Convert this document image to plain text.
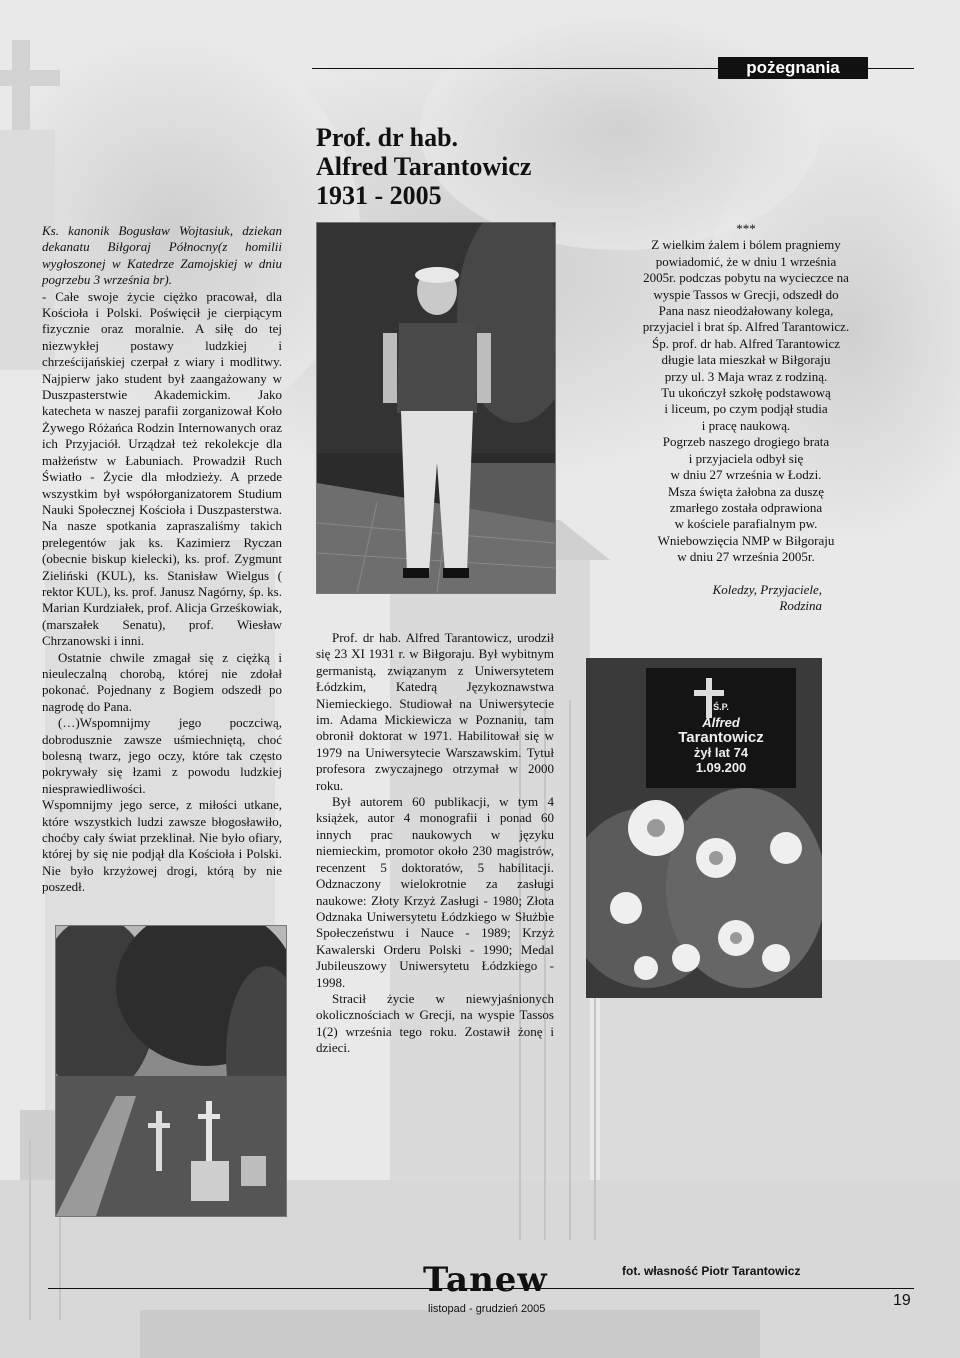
pożegnania
Prof. dr hab.
Alfred Tarantowicz
1931 - 2005

Ks. kanonik Bogusław Wojtasiuk, dziekan dekanatu Biłgoraj Północny(z homilii wygłoszonej w Katedrze Zamojskiej w dniu pogrzebu 3 września br).

- Całe swoje życie ciężko pracował, dla Kościoła i Polski. Poświęcił je cierpiącym fizycznie oraz moralnie. A siłę do tej niezwykłej postawy ludzkiej i chrześcijańskiej czerpał z wiary i modlitwy. Najpierw jako student był zaangażowany w Duszpasterstwie Akademickim. Jako katecheta w naszej parafii zorganizował Koło Żywego Różańca Rodzin Internowanych oraz ich Przyjaciół. Urządzał też rekolekcje dla małżeństw w Łabuniach. Prowadził Ruch Światło - Życie dla młodzieży. A przede wszystkim był współorganizatorem Studium Nauki Społecznej Kościoła i Duszpasterstwa. Na nasze spotkania zapraszaliśmy takich prelegentów jak ks. Kazimierz Ryczan (obecnie biskup kielecki), ks. prof. Zygmunt Zieliński (KUL), ks. Stanisław Wielgus ( rektor KUL), ks. prof. Janusz Nagórny, śp. ks. Marian Kurdziałek, prof. Alicja Grześkowiak, (marszałek Senatu), prof. Wiesław Chrzanowski i inni.

Ostatnie chwile zmagał się z ciężką i nieuleczalną chorobą, której nie zdołał pokonać. Pojednany z Bogiem odszedł po nagrodę do Pana.

(…)Wspomnijmy jego poczciwą, dobrodusznie zawsze uśmiechniętą, choć bolesną twarz, jego oczy, które tak często pokrywały się łzami z powodu ludzkiej niesprawiedliwości.

Wspomnijmy jego serce, z miłości utkane, które wszystkich ludzi zawsze błogosławiło, choćby cały świat przeklinał. Nie było ofiary, której by się nie podjął dla Kościoła i Polski. Nie było krzyżowej drogi, którą by nie poszedł.

Prof. dr hab. Alfred Tarantowicz, urodził się 23 XI 1931 r. w Biłgoraju. Był wybitnym germanistą, związanym z Uniwersytetem Łódzkim, Katedrą Językoznawstwa Niemieckiego. Studiował na Uniwersytecie im. Adama Mickiewicza w Poznaniu, tam obronił doktorat w 1971. Habilitował się w 1979 na Uniwersytecie Warszawskim. Tytuł profesora zwyczajnego otrzymał w 2000 roku.

Był autorem 60 publikacji, w tym 4 książek, autor 4 monografii i ponad 60 innych prac naukowych w języku niemieckim, promotor około 230 magistrów, recenzent 5 doktoratów, 5 habilitacji. Odznaczony wielokrotnie za zasługi naukowe: Złoty Krzyż Zasługi - 1980; Złota Odznaka Uniwersytetu Łódzkiego w Służbie Społeczeństwu i Nauce - 1989; Krzyż Kawalerski Orderu Polski - 1990; Medal Jubileuszowy Uniwersytetu Łódzkiego - 1998.

Stracił życie w niewyjaśnionych okolicznościach w Grecji, na wyspie Tassos 1(2) września tego roku. Zostawił żonę i dzieci.

***
Z wielkim żalem i bólem pragniemy
powiadomić, że w dniu 1 września
2005r. podczas pobytu na wycieczce na
wyspie Tassos w Grecji, odszedł do
Pana nasz nieodżałowany kolega,
przyjaciel i brat śp. Alfred Tarantowicz.
Śp. prof. dr hab. Alfred Tarantowicz
długie lata mieszkał w Biłgoraju
przy ul. 3 Maja wraz z rodziną.
Tu ukończył szkołę podstawową
i liceum, po czym podjął studia
i pracę naukową.
Pogrzeb naszego drogiego brata
i przyjaciela odbył się
w dniu 27 września w Łodzi.
Msza święta żałobna za duszę
zmarłego została odprawiona
w kościele parafialnym pw.
Wniebowzięcia NMP w Biłgoraju
w dniu 27 września 2005r.
Koledzy, Przyjaciele,
Rodzina
Ś.P.
Alfred
Tarantowicz
żył lat 74
1.09.200
fot. własność Piotr Tarantowicz
Tanew
listopad - grudzień 2005	19
